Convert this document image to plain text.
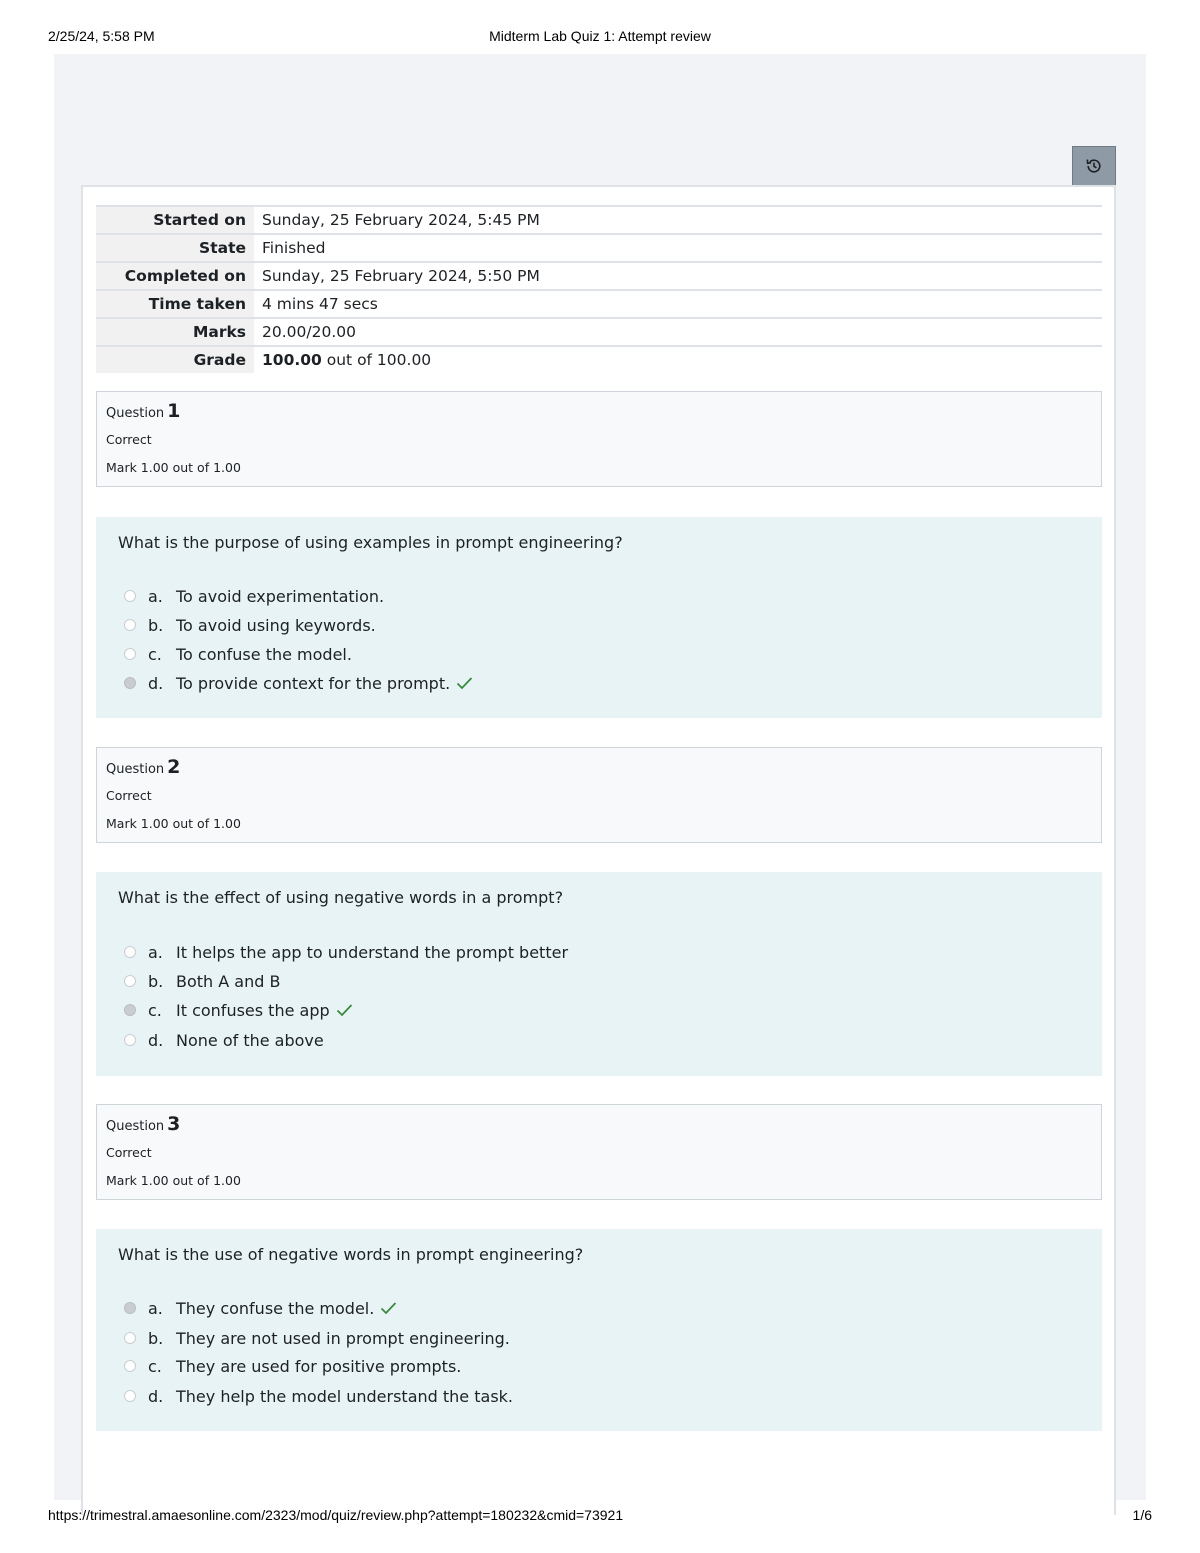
2/25/24, 5:58 PM	Midterm Lab Quiz 1: Attempt review
Started on	Sunday, 25 February 2024, 5:45 PM
State	Finished
Completed on	Sunday, 25 February 2024, 5:50 PM
Time taken	4 mins 47 secs
Marks	20.00/20.00
Grade	100.00 out of 100.00
Question 1
Correct
Mark 1.00 out of 1.00
What is the purpose of using examples in prompt engineering?
a. To avoid experimentation.
b. To avoid using keywords.
c. To confuse the model.
d. To provide context for the prompt.
Question 2
Correct
Mark 1.00 out of 1.00
What is the effect of using negative words in a prompt?
a. It helps the app to understand the prompt better
b. Both A and B
c. It confuses the app
d. None of the above
Question 3
Correct
Mark 1.00 out of 1.00
What is the use of negative words in prompt engineering?
a. They confuse the model.
b. They are not used in prompt engineering.
c. They are used for positive prompts.
d. They help the model understand the task.
https://trimestral.amaesonline.com/2323/mod/quiz/review.php?attempt=180232&cmid=73921	1/6
